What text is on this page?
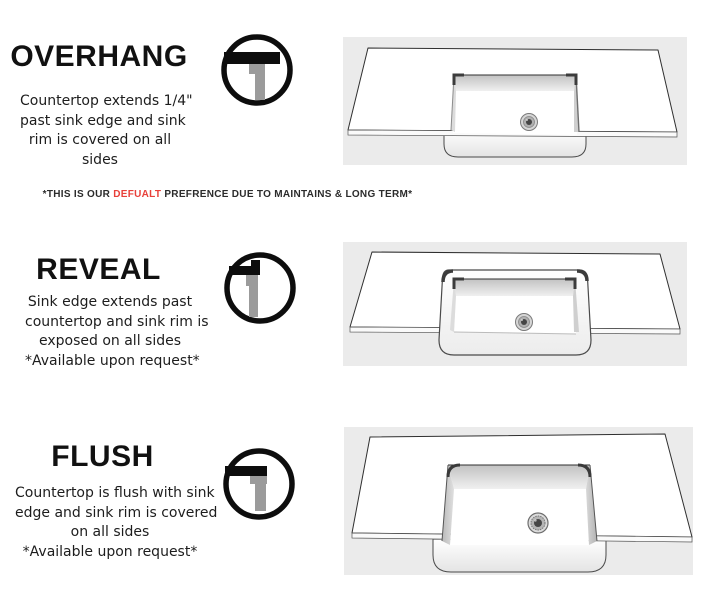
OVERHANG
Countertop extends 1/4"
past sink edge and sink
rim is covered on all
sides
*THIS IS OUR DEFUALT PREFRENCE DUE TO MAINTAINS & LONG TERM*
REVEAL
Sink edge extends past
countertop and sink rim is
exposed on all sides
*Available upon request*
FLUSH
Countertop is flush with sink
edge and sink rim is covered
on all sides
*Available upon request*
